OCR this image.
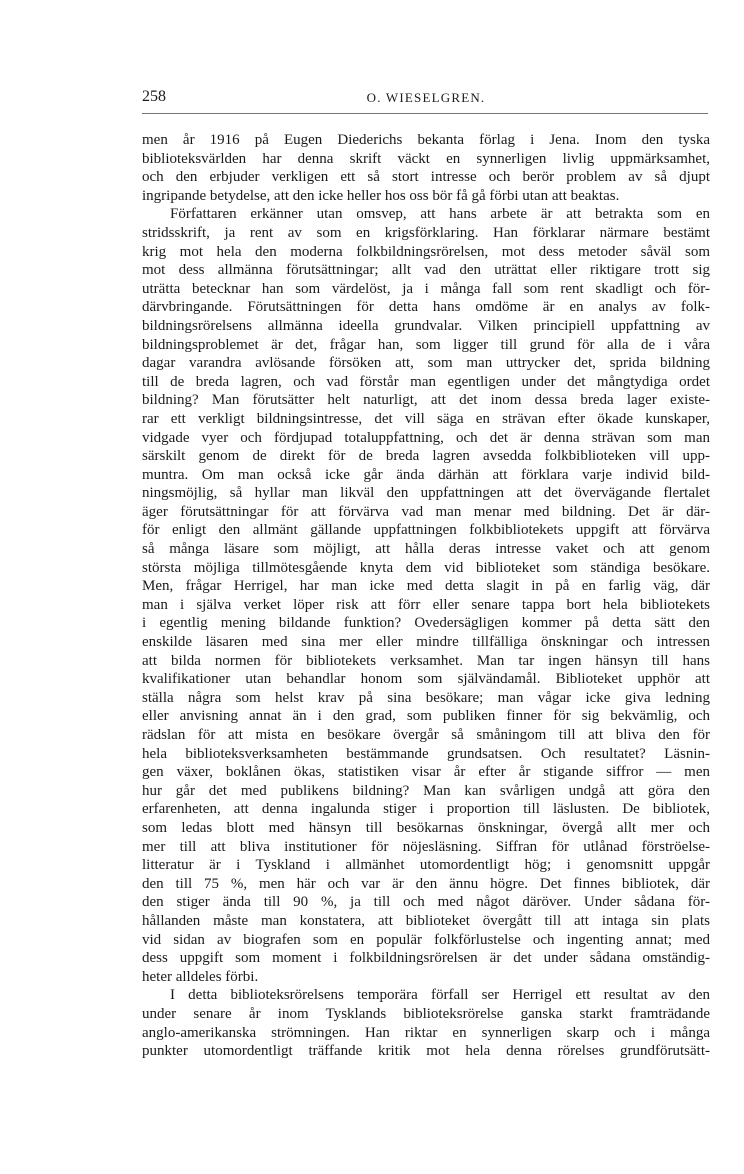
258	O. WIESELGREN.
men år 1916 på Eugen Diederichs bekanta förlag i Jena. Inom den tyska
biblioteksvärlden har denna skrift väckt en synnerligen livlig uppmärksamhet,
och den erbjuder verkligen ett så stort intresse och berör problem av så djupt
ingripande betydelse, att den icke heller hos oss bör få gå förbi utan att beaktas.
Författaren erkänner utan omsvep, att hans arbete är att betrakta som en
stridsskrift, ja rent av som en krigsförklaring. Han förklarar närmare bestämt
krig mot hela den moderna folkbildningsrörelsen, mot dess metoder såväl som
mot dess allmänna förutsättningar; allt vad den uträttat eller riktigare trott sig
uträtta betecknar han som värdelöst, ja i många fall som rent skadligt och för-
därvbringande. Förutsättningen för detta hans omdöme är en analys av folk-
bildningsrörelsens allmänna ideella grundvalar. Vilken principiell uppfattning av
bildningsproblemet är det, frågar han, som ligger till grund för alla de i våra
dagar varandra avlösande försöken att, som man uttrycker det, sprida bildning
till de breda lagren, och vad förstår man egentligen under det mångtydiga ordet
bildning? Man förutsätter helt naturligt, att det inom dessa breda lager existe-
rar ett verkligt bildningsintresse, det vill säga en strävan efter ökade kunskaper,
vidgade vyer och fördjupad totaluppfattning, och det är denna strävan som man
särskilt genom de direkt för de breda lagren avsedda folkbiblioteken vill upp-
muntra. Om man också icke går ända därhän att förklara varje individ bild-
ningsmöjlig, så hyllar man likväl den uppfattningen att det övervägande flertalet
äger förutsättningar för att förvärva vad man menar med bildning. Det är där-
för enligt den allmänt gällande uppfattningen folkbibliotekets uppgift att förvärva
så många läsare som möjligt, att hålla deras intresse vaket och att genom
största möjliga tillmötesgående knyta dem vid biblioteket som ständiga besökare.
Men, frågar Herrigel, har man icke med detta slagit in på en farlig väg, där
man i själva verket löper risk att förr eller senare tappa bort hela bibliotekets
i egentlig mening bildande funktion? Ovedersägligen kommer på detta sätt den
enskilde läsaren med sina mer eller mindre tillfälliga önskningar och intressen
att bilda normen för bibliotekets verksamhet. Man tar ingen hänsyn till hans
kvalifikationer utan behandlar honom som självändamål. Biblioteket upphör att
ställa några som helst krav på sina besökare; man vågar icke giva ledning
eller anvisning annat än i den grad, som publiken finner för sig bekvämlig, och
rädslan för att mista en besökare övergår så småningom till att bliva den för
hela biblioteksverksamheten bestämmande grundsatsen. Och resultatet? Läsnin-
gen växer, boklånen ökas, statistiken visar år efter år stigande siffror — men
hur går det med publikens bildning? Man kan svårligen undgå att göra den
erfarenheten, att denna ingalunda stiger i proportion till läslusten. De bibliotek,
som ledas blott med hänsyn till besökarnas önskningar, övergå allt mer och
mer till att bliva institutioner för nöjesläsning. Siffran för utlånad förströelse-
litteratur är i Tyskland i allmänhet utomordentligt hög; i genomsnitt uppgår
den till 75 %, men här och var är den ännu högre. Det finnes bibliotek, där
den stiger ända till 90 %, ja till och med något däröver. Under sådana för-
hållanden måste man konstatera, att biblioteket övergått till att intaga sin plats
vid sidan av biografen som en populär folkförlustelse och ingenting annat; med
dess uppgift som moment i folkbildningsrörelsen är det under sådana omständig-
heter alldeles förbi.
I detta biblioteksrörelsens temporära förfall ser Herrigel ett resultat av den
under senare år inom Tysklands biblioteksrörelse ganska starkt framträdande
anglo-amerikanska strömningen. Han riktar en synnerligen skarp och i många
punkter utomordentligt träffande kritik mot hela denna rörelses grundförutsätt-
